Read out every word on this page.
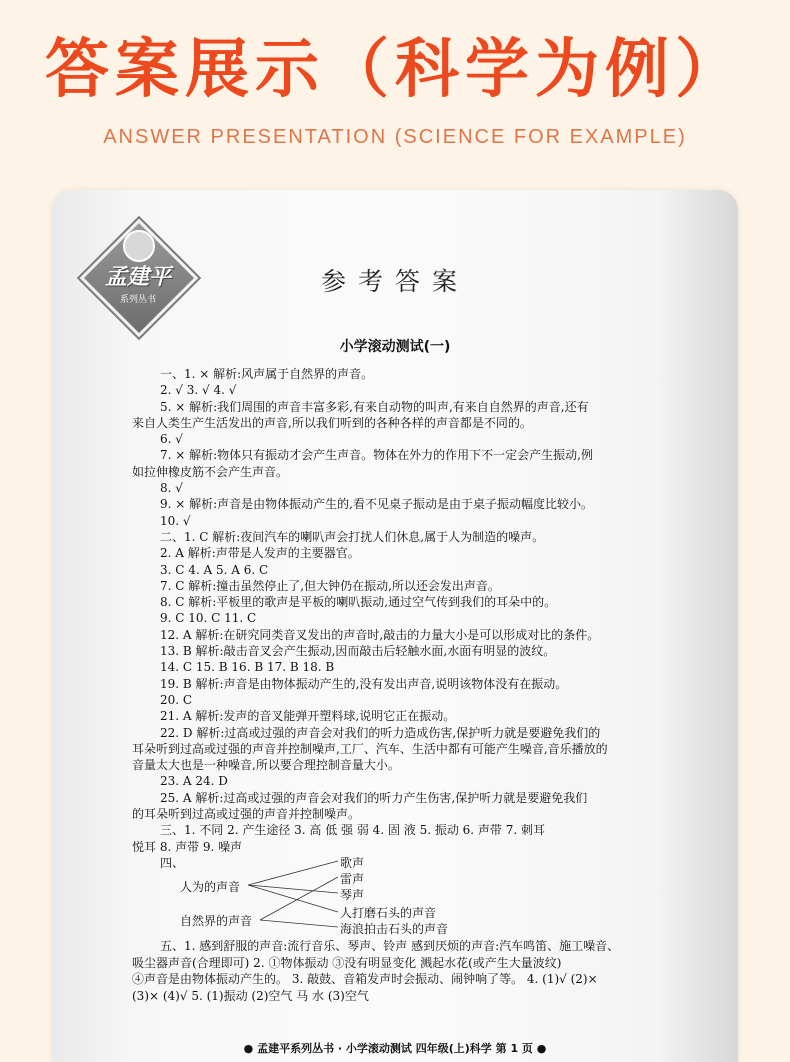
答案展示（科学为例）
ANSWER PRESENTATION (SCIENCE FOR EXAMPLE)
孟建平
系列丛书
参考答案
小学滚动测试(一)
一、1. × 解析:风声属于自然界的声音。
2. √ 3. √ 4. √
5. × 解析:我们周围的声音丰富多彩,有来自动物的叫声,有来自自然界的声音,还有
来自人类生产生活发出的声音,所以我们听到的各种各样的声音都是不同的。
6. √
7. × 解析:物体只有振动才会产生声音。物体在外力的作用下不一定会产生振动,例
如拉伸橡皮筋不会产生声音。
8. √
9. × 解析:声音是由物体振动产生的,看不见桌子振动是由于桌子振动幅度比较小。
10. √
二、1. C 解析:夜间汽车的喇叭声会打扰人们休息,属于人为制造的噪声。
2. A 解析:声带是人发声的主要器官。
3. C 4. A 5. A 6. C
7. C 解析:撞击虽然停止了,但大钟仍在振动,所以还会发出声音。
8. C 解析:平板里的歌声是平板的喇叭振动,通过空气传到我们的耳朵中的。
9. C 10. C 11. C
12. A 解析:在研究同类音叉发出的声音时,敲击的力量大小是可以形成对比的条件。
13. B 解析:敲击音叉会产生振动,因而敲击后轻触水面,水面有明显的波纹。
14. C 15. B 16. B 17. B 18. B
19. B 解析:声音是由物体振动产生的,没有发出声音,说明该物体没有在振动。
20. C
21. A 解析:发声的音叉能弹开塑料球,说明它正在振动。
22. D 解析:过高或过强的声音会对我们的听力造成伤害,保护听力就是要避免我们的
耳朵听到过高或过强的声音并控制噪声,工厂、汽车、生活中都有可能产生噪音,音乐播放的
音量太大也是一种噪音,所以要合理控制音量大小。
23. A 24. D
25. A 解析:过高或过强的声音会对我们的听力产生伤害,保护听力就是要避免我们
的耳朵听到过高或过强的声音并控制噪声。
三、1. 不同 2. 产生途径 3. 高 低 强 弱 4. 固 液 5. 振动 6. 声带 7. 刺耳
悦耳 8. 声带 9. 噪声
四、
人为的声音
自然界的声音
歌声
雷声
琴声
人打磨石头的声音
海浪拍击石头的声音
五、1. 感到舒服的声音:流行音乐、琴声、铃声 感到厌烦的声音:汽车鸣笛、施工噪音、
吸尘器声音(合理即可) 2. ①物体振动 ③没有明显变化 溅起水花(或产生大量波纹)
④声音是由物体振动产生的。 3. 敲鼓、音箱发声时会振动、闹钟响了等。 4. (1)√ (2)×
(3)× (4)√ 5. (1)振动 (2)空气 马 水 (3)空气
● 孟建平系列丛书 · 小学滚动测试 四年级(上)科学 第 1 页 ●
